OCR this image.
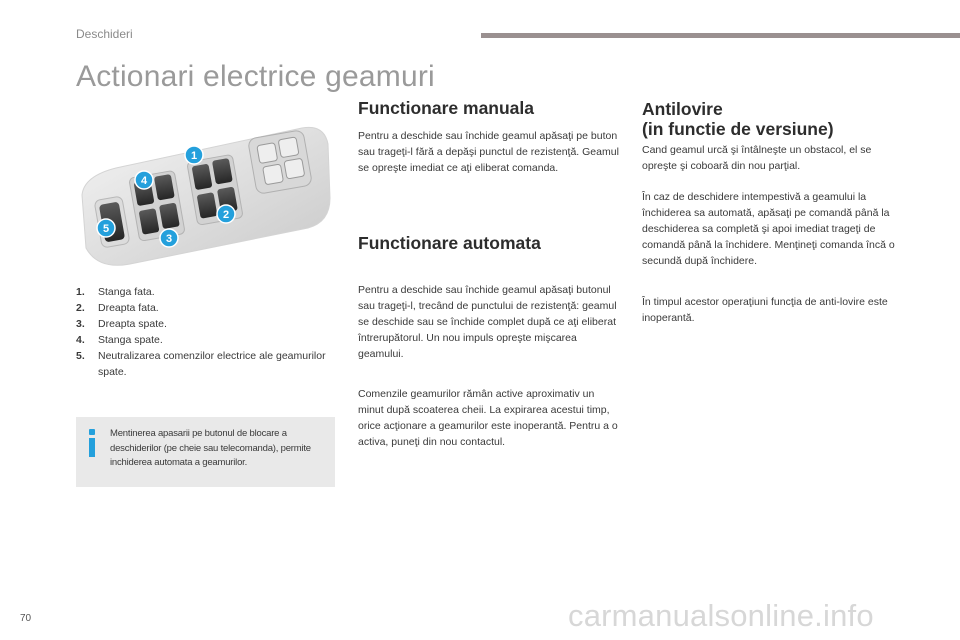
Deschideri
Actionari electrice geamuri
1
2
3
4
5
1.	Stanga fata.
2.	Dreapta fata.
3.	Dreapta spate.
4.	Stanga spate.
5.	Neutralizarea comenzilor electrice ale geamurilor spate.
Mentinerea apasarii pe butonul de blocare a deschiderilor (pe cheie sau telecomanda), permite inchiderea automata a geamurilor.
Functionare manuala

Pentru a deschide sau închide geamul apăsaţi pe buton sau trageţi-l fără a depăşi punctul de rezistenţă. Geamul se opreşte imediat ce aţi eliberat comanda.

Functionare automata

Pentru a deschide sau închide geamul apăsaţi butonul sau trageţi-l, trecând de punctului de rezistenţă: geamul se deschide sau se închide complet după ce aţi eliberat întrerupătorul. Un nou impuls opreşte mişcarea geamului.

Comenzile geamurilor rămân active aproximativ un minut după scoaterea cheii. La expirarea acestui timp, orice acţionare a geamurilor este inoperantă. Pentru a o activa, puneţi din nou contactul.

Antilovire
(in functie de versiune)

Cand geamul urcă şi întâlneşte un obstacol, el se opreşte şi coboară din nou parţial.

În caz de deschidere intempestivă a geamului la închiderea sa automată, apăsaţi pe comandă până la deschiderea sa completă şi apoi imediat trageţi de comandă până la închidere. Menţineţi comanda încă o secundă după închidere.

În timpul acestor operaţiuni funcţia de anti-lovire este inoperantă.

70	carmanualsonline.info
